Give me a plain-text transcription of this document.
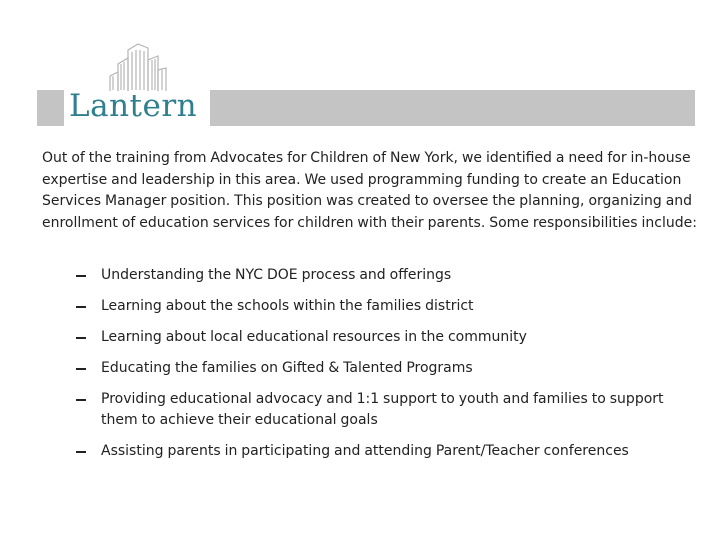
Lantern

Out of the training from Advocates for Children of New York, we identified a need for in-house expertise and leadership in this area. We used programming funding to create an Education Services Manager position. This position was created to oversee the planning, organizing and enrollment of education services for children with their parents. Some responsibilities include:

Understanding the NYC DOE process and offerings
Learning about the schools within the families district
Learning about local educational resources in the community
Educating the families on Gifted & Talented Programs
Providing educational advocacy and 1:1 support to youth and families to support them to achieve their educational goals
Assisting parents in participating and attending Parent/Teacher conferences
